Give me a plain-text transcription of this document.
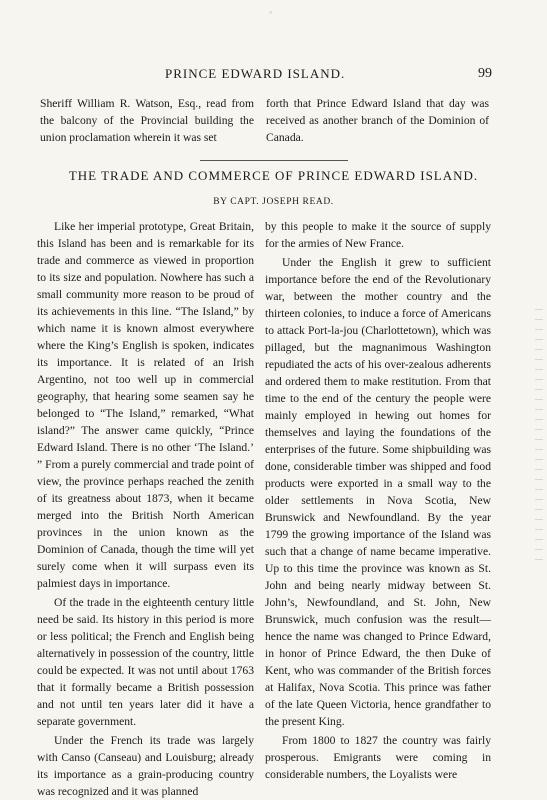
◦
PRINCE EDWARD ISLAND.	99

Sheriff William R. Watson, Esq., read from the balcony of the Provincial building the union proclamation wherein it was set

forth that Prince Edward Island that day was received as another branch of the Dominion of Canada.

THE TRADE AND COMMERCE OF PRINCE EDWARD ISLAND.
BY CAPT. JOSEPH READ.

Like her imperial prototype, Great Britain, this Island has been and is remarkable for its trade and commerce as viewed in proportion to its size and population. Nowhere has such a small community more reason to be proud of its achievements in this line. “The Island,” by which name it is known almost everywhere where the King’s English is spoken, indicates its importance. It is related of an Irish Argentino, not too well up in commercial geography, that hearing some seamen say he belonged to “The Island,” remarked, “What island?” The answer came quickly, “Prince Edward Island. There is no other ‘The Island.’ ” From a purely commercial and trade point of view, the province perhaps reached the zenith of its greatness about 1873, when it became merged into the British North American provinces in the union known as the Dominion of Canada, though the time will yet surely come when it will surpass even its palmiest days in importance.

Of the trade in the eighteenth century little need be said. Its history in this period is more or less political; the French and English being alternatively in possession of the country, little could be expected. It was not until about 1763 that it formally became a British possession and not until ten years later did it have a separate government.

Under the French its trade was largely with Canso (Canseau) and Louisburg; already its importance as a grain-producing country was recognized and it was planned

by this people to make it the source of supply for the armies of New France.

Under the English it grew to sufficient importance before the end of the Revolutionary war, between the mother country and the thirteen colonies, to induce a force of Americans to attack Port-la-jou (Charlottetown), which was pillaged, but the magnanimous Washington repudiated the acts of his over-zealous adherents and ordered them to make restitution. From that time to the end of the century the people were mainly employed in hewing out homes for themselves and laying the foundations of the enterprises of the future. Some shipbuilding was done, considerable timber was shipped and food products were exported in a small way to the older settlements in Nova Scotia, New Brunswick and Newfoundland. By the year 1799 the growing importance of the Island was such that a change of name became imperative. Up to this time the province was known as St. John and being nearly midway between St. John’s, Newfoundland, and St. John, New Brunswick, much confusion was the result—hence the name was changed to Prince Edward, in honor of Prince Edward, the then Duke of Kent, who was commander of the British forces at Halifax, Nova Scotia. This prince was father of the late Queen Victoria, hence grandfather to the present King.

From 1800 to 1827 the country was fairly prosperous. Emigrants were coming in considerable numbers, the Loyalists were
